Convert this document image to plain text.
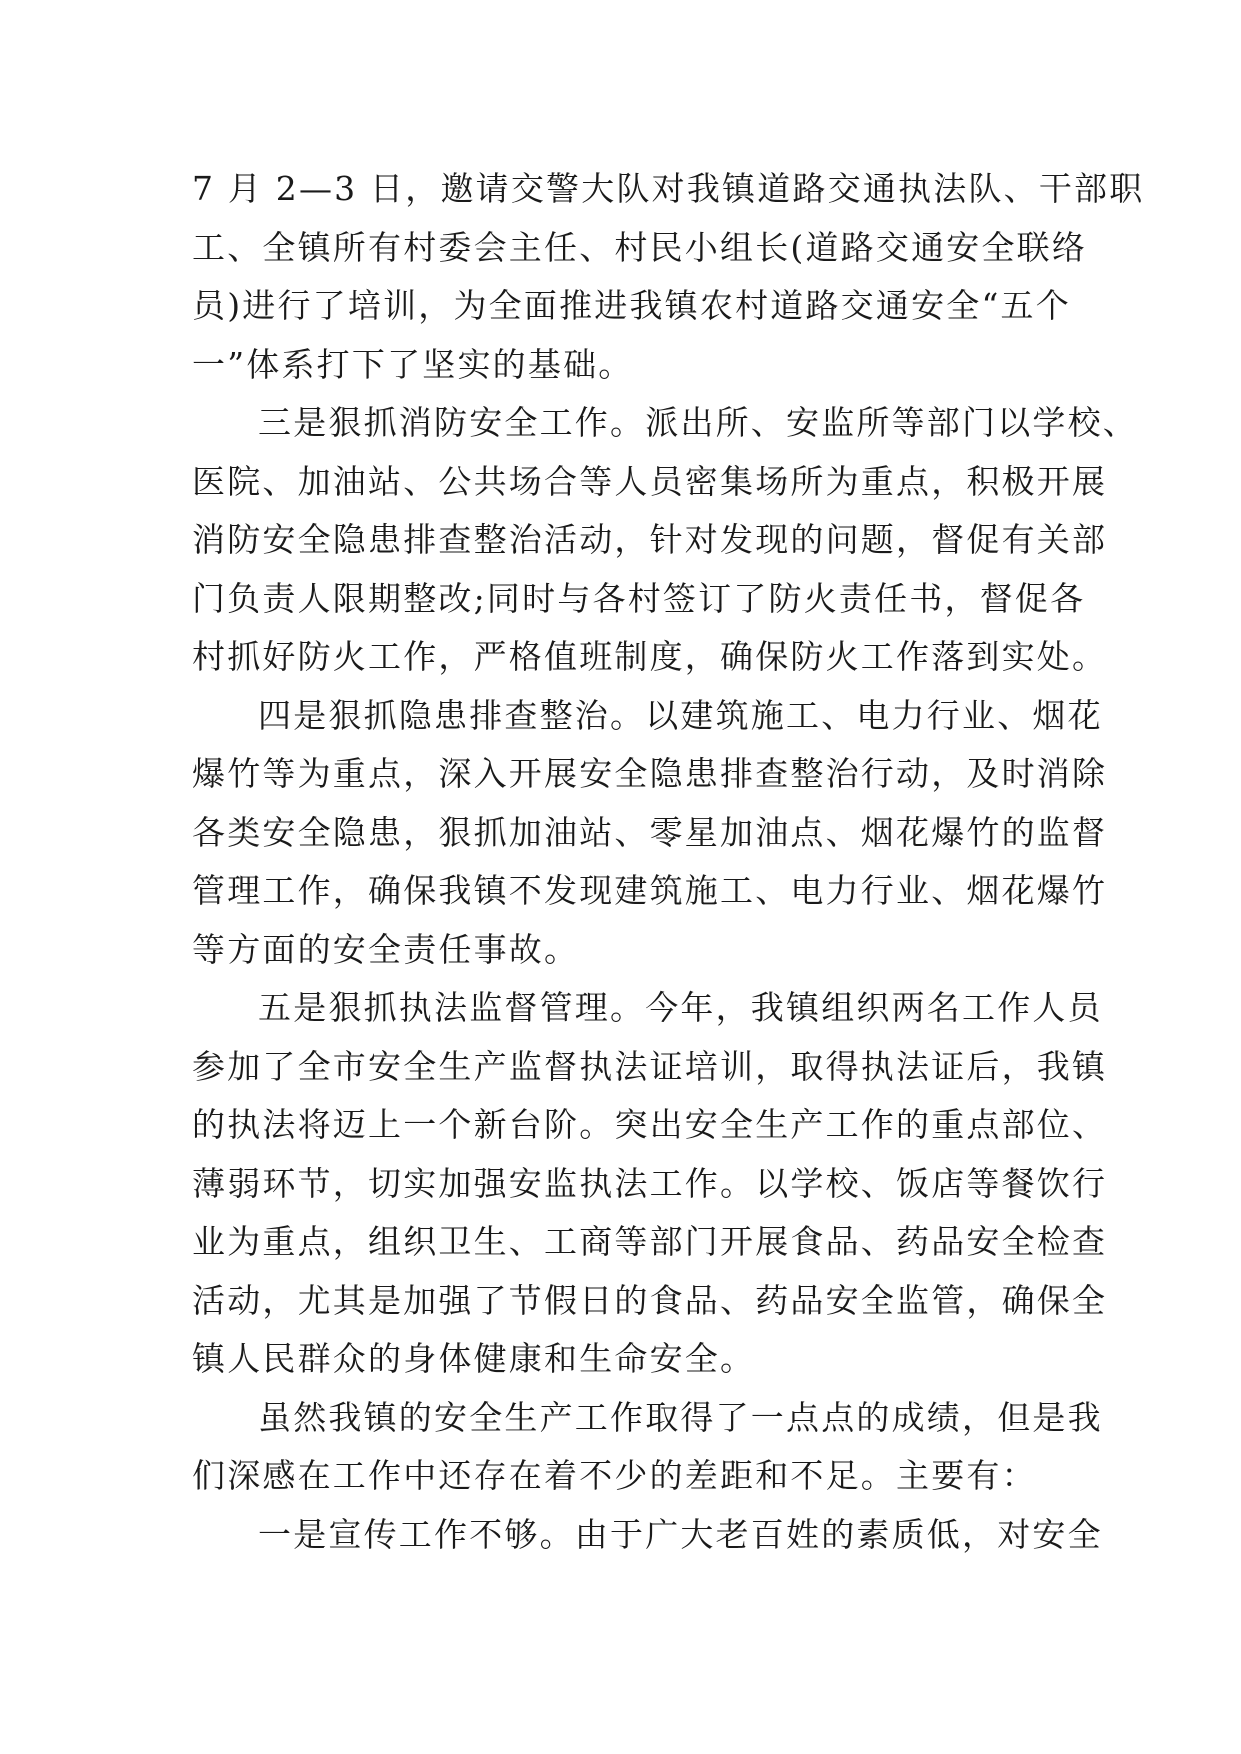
7 月 2—3 日，邀请交警大队对我镇道路交通执法队、干部职
工、全镇所有村委会主任、村民小组长(道路交通安全联络
员)进行了培训，为全面推进我镇农村道路交通安全“五个
一”体系打下了坚实的基础。
三是狠抓消防安全工作。派出所、安监所等部门以学校、
医院、加油站、公共场合等人员密集场所为重点，积极开展
消防安全隐患排查整治活动，针对发现的问题，督促有关部
门负责人限期整改;同时与各村签订了防火责任书，督促各
村抓好防火工作，严格值班制度，确保防火工作落到实处。
四是狠抓隐患排查整治。以建筑施工、电力行业、烟花
爆竹等为重点，深入开展安全隐患排查整治行动，及时消除
各类安全隐患，狠抓加油站、零星加油点、烟花爆竹的监督
管理工作，确保我镇不发现建筑施工、电力行业、烟花爆竹
等方面的安全责任事故。
五是狠抓执法监督管理。今年，我镇组织两名工作人员
参加了全市安全生产监督执法证培训，取得执法证后，我镇
的执法将迈上一个新台阶。突出安全生产工作的重点部位、
薄弱环节，切实加强安监执法工作。以学校、饭店等餐饮行
业为重点，组织卫生、工商等部门开展食品、药品安全检查
活动，尤其是加强了节假日的食品、药品安全监管，确保全
镇人民群众的身体健康和生命安全。
虽然我镇的安全生产工作取得了一点点的成绩，但是我
们深感在工作中还存在着不少的差距和不足。主要有：
一是宣传工作不够。由于广大老百姓的素质低，对安全
